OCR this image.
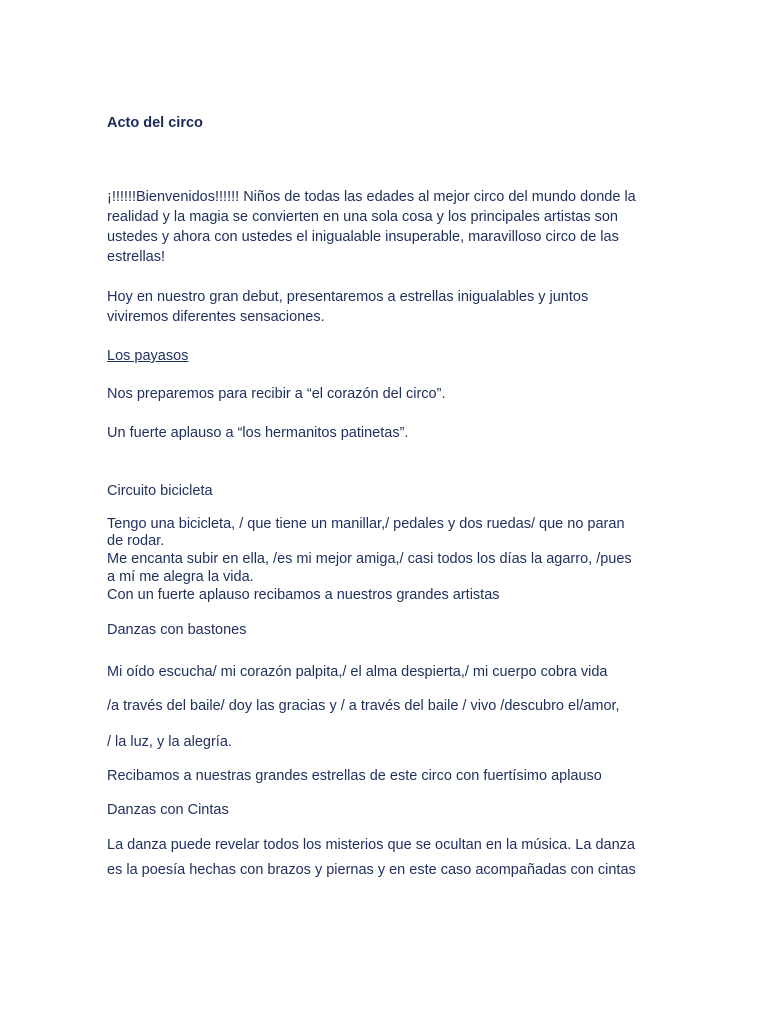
Acto del circo
¡!!!!!!Bienvenidos!!!!!! Niños de todas las edades al mejor circo del mundo donde la
realidad y la magia se convierten en una sola cosa y los principales artistas son
ustedes y ahora con ustedes el inigualable insuperable, maravilloso circo de las
estrellas!
Hoy en nuestro gran debut, presentaremos a estrellas inigualables y juntos
viviremos diferentes sensaciones.
Los payasos
Nos preparemos para recibir a “el corazón del circo”.
Un fuerte aplauso a “los hermanitos patinetas”.
Circuito bicicleta
Tengo una bicicleta, / que tiene un manillar,/ pedales y dos ruedas/ que no paran
de rodar.
Me encanta subir en ella, /es mi mejor amiga,/ casi todos los días la agarro, /pues
a mí me alegra la vida.
Con un fuerte aplauso recibamos a nuestros grandes artistas
Danzas con bastones
Mi oído escucha/ mi corazón palpita,/ el alma despierta,/ mi cuerpo cobra vida
/a través del baile/ doy las gracias y / a través del baile / vivo /descubro el/amor,
/ la luz, y la alegría.
Recibamos a nuestras grandes estrellas de este circo con fuertísimo aplauso
Danzas con Cintas
La danza puede revelar todos los misterios que se ocultan en la música. La danza
es la poesía hechas con brazos y piernas y en este caso acompañadas con cintas
